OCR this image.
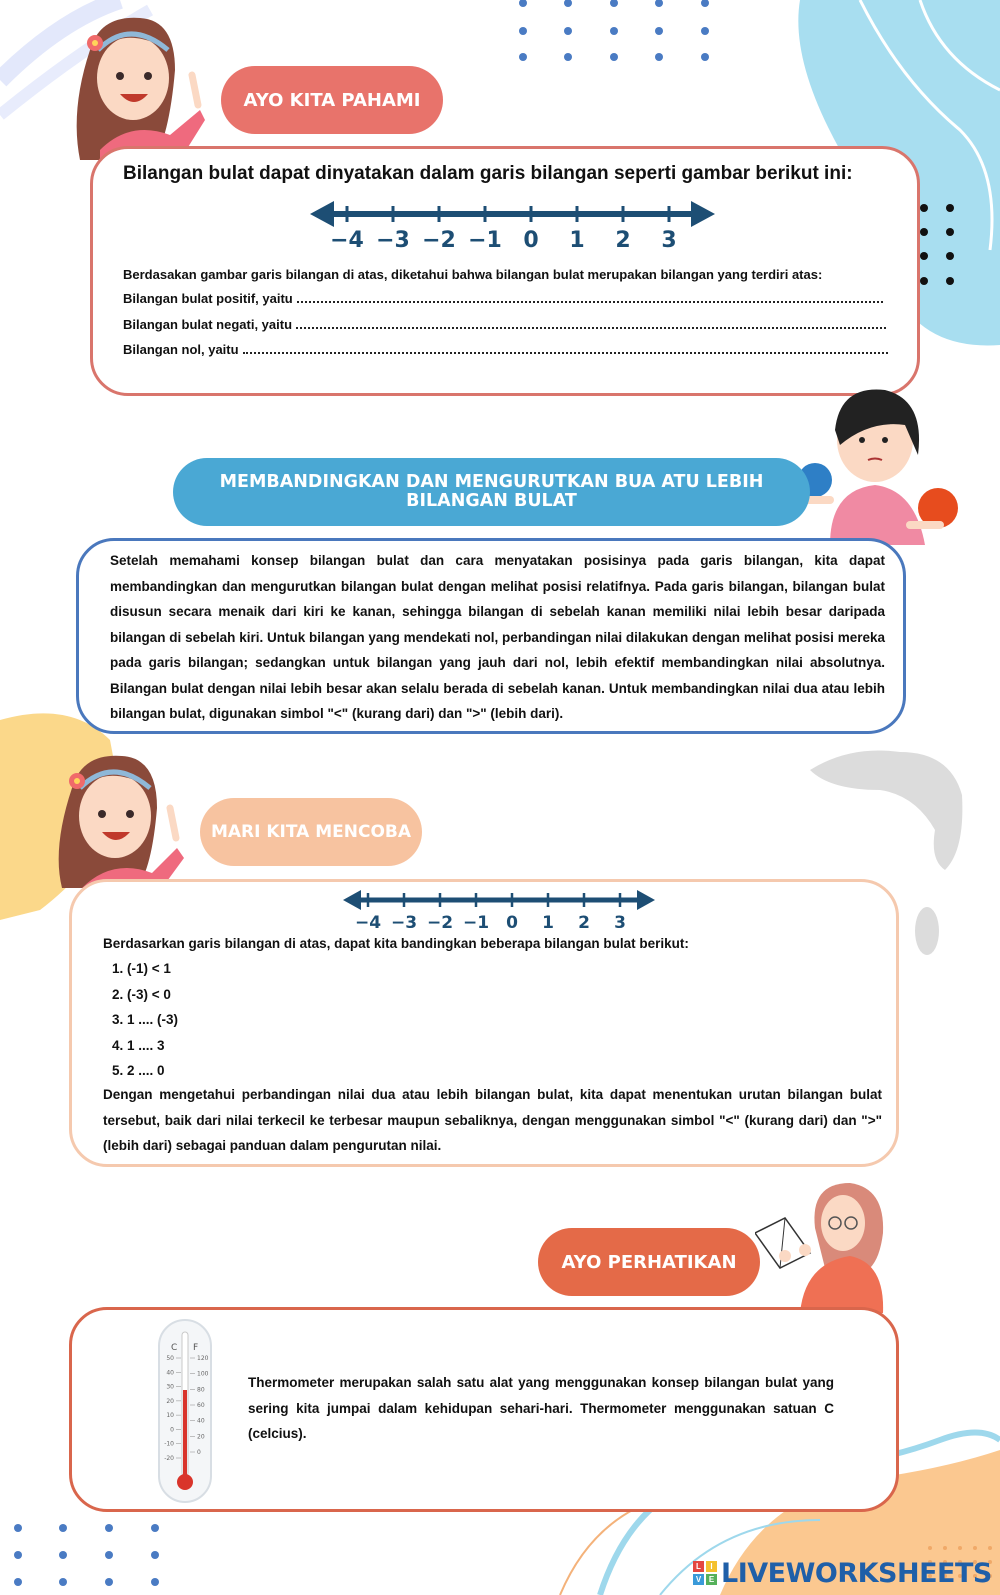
AYO KITA PAHAMI
Bilangan bulat dapat dinyatakan dalam garis bilangan seperti gambar berikut ini:
−4 −3 −2 −1 0 1 2 3
Berdasakan gambar garis bilangan di atas, diketahui bahwa bilangan bulat merupakan bilangan yang terdiri atas:
Bilangan bulat positif, yaitu
Bilangan bulat negati, yaitu
Bilangan nol, yaitu
MEMBANDINGKAN DAN MENGURUTKAN BUA ATU LEBIH BILANGAN BULAT
Setelah memahami konsep bilangan bulat dan cara menyatakan posisinya pada garis bilangan, kita dapat membandingkan dan mengurutkan bilangan bulat dengan melihat posisi relatifnya. Pada garis bilangan, bilangan bulat disusun secara menaik dari kiri ke kanan, sehingga bilangan di sebelah kanan memiliki nilai lebih besar daripada bilangan di sebelah kiri. Untuk bilangan yang mendekati nol, perbandingan nilai dilakukan dengan melihat posisi mereka pada garis bilangan; sedangkan untuk bilangan yang jauh dari nol, lebih efektif membandingkan nilai absolutnya. Bilangan bulat dengan nilai lebih besar akan selalu berada di sebelah kanan. Untuk membandingkan nilai dua atau lebih bilangan bulat, digunakan simbol "<" (kurang dari) dan ">" (lebih dari).
MARI KITA MENCOBA
−4 −3 −2 −1 0 1 2 3
Berdasarkan garis bilangan di atas, dapat kita bandingkan beberapa bilangan bulat berikut:
1. (-1) < 1
2. (-3) < 0
3. 1 .... (-3)
4. 1 .... 3
5. 2 .... 0
Dengan mengetahui perbandingan nilai dua atau lebih bilangan bulat, kita dapat menentukan urutan bilangan bulat tersebut, baik dari nilai terkecil ke terbesar maupun sebaliknya, dengan menggunakan simbol "<" (kurang dari) dan ">" (lebih dari) sebagai panduan dalam pengurutan nilai.
AYO PERHATIKAN
C F
50
40
30
20
10
0
-10
-20
120
100
80
60
40
20
0
Thermometer merupakan salah satu alat yang menggunakan konsep bilangan bulat yang sering kita jumpai dalam kehidupan sehari-hari. Thermometer menggunakan satuan C (celcius).
L	I
V E LIVEWORKSHEETS
